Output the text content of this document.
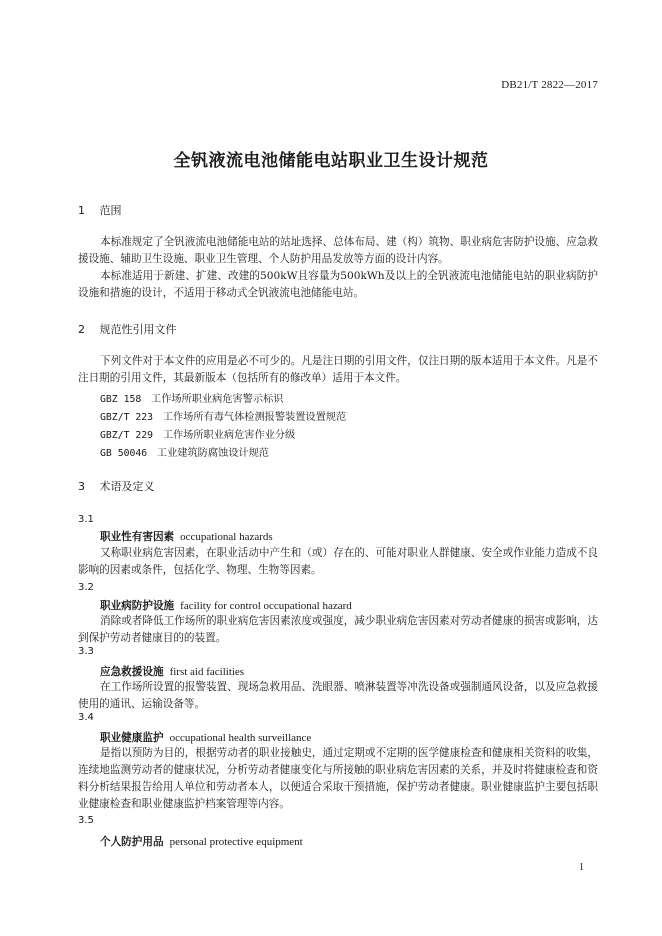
DB21/T 2822—2017
全钒液流电池储能电站职业卫生设计规范
1 范围
本标准规定了全钒液流电池储能电站的站址选择、总体布局、建（构）筑物、职业病危害防护设施、应急救援设施、辅助卫生设施、职业卫生管理、个人防护用品发放等方面的设计内容。
本标准适用于新建、扩建、改建的500kW且容量为500kWh及以上的全钒液流电池储能电站的职业病防护设施和措施的设计，不适用于移动式全钒液流电池储能电站。
2 规范性引用文件
下列文件对于本文件的应用是必不可少的。凡是注日期的引用文件，仅注日期的版本适用于本文件。凡是不注日期的引用文件，其最新版本（包括所有的修改单）适用于本文件。
GBZ 158 工作场所职业病危害警示标识
GBZ/T 223 工作场所有毒气体检测报警装置设置规范
GBZ/T 229 工作场所职业病危害作业分级
GB 50046 工业建筑防腐蚀设计规范
3 术语及定义
3.1
职业性有害因素 occupational hazards
又称职业病危害因素，在职业活动中产生和（或）存在的、可能对职业人群健康、安全或作业能力造成不良影响的因素或条件，包括化学、物理、生物等因素。
3.2
职业病防护设施 facility for control occupational hazard
消除或者降低工作场所的职业病危害因素浓度或强度，减少职业病危害因素对劳动者健康的损害或影响，达到保护劳动者健康目的的装置。
3.3
应急救援设施 first aid facilities
在工作场所设置的报警装置、现场急救用品、洗眼器、喷淋装置等冲洗设备或强制通风设备，以及应急救援使用的通讯、运输设备等。
3.4
职业健康监护 occupational health surveillance
是指以预防为目的，根据劳动者的职业接触史，通过定期或不定期的医学健康检查和健康相关资料的收集，连续地监测劳动者的健康状况，分析劳动者健康变化与所接触的职业病危害因素的关系，并及时将健康检查和资料分析结果报告给用人单位和劳动者本人，以便适合采取干预措施，保护劳动者健康。职业健康监护主要包括职业健康检查和职业健康监护档案管理等内容。
3.5
个人防护用品 personal protective equipment
1
